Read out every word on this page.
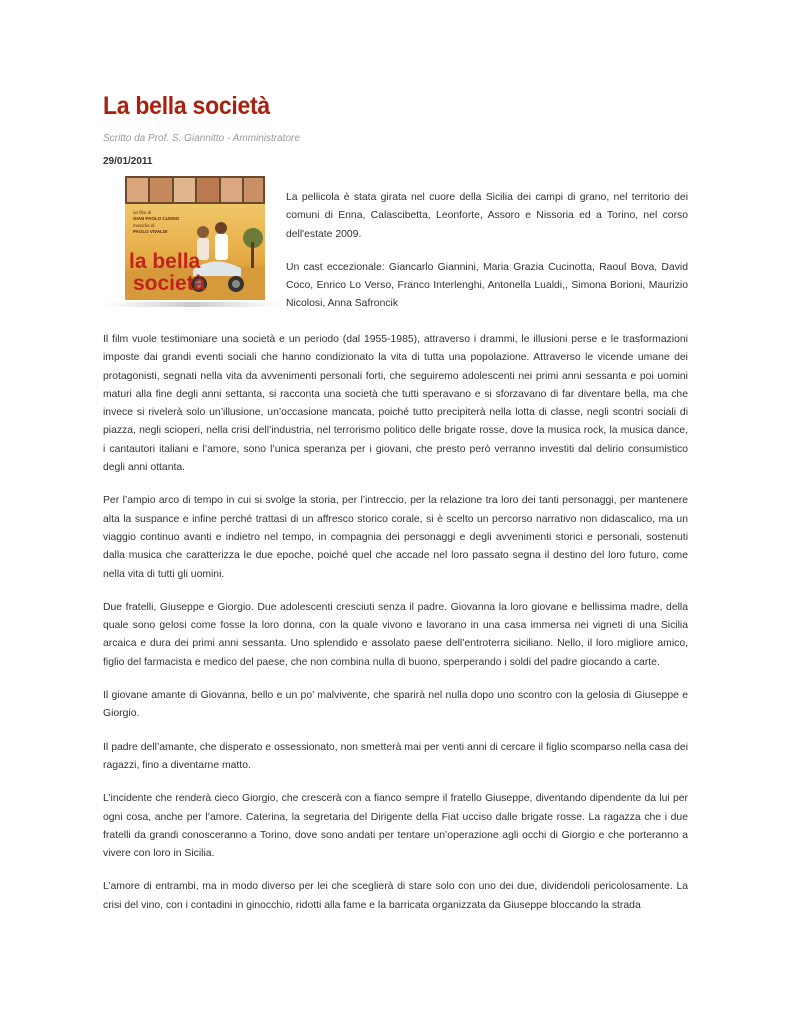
La bella società
Scritto da Prof. S. Giannitto - Amministratore
29/01/2011
un film di
GIAN PAOLO CUGNO
musiche di
PAOLO VIVALDI
la bella
società

La pellicola è stata girata nel cuore della Sicilia dei campi di grano, nel territorio dei comuni di Enna, Calascibetta, Leonforte, Assoro e Nissoria ed a Torino, nel corso dell'estate 2009.

Un cast eccezionale: Giancarlo Giannini, Maria Grazia Cucinotta, Raoul Bova, David Coco, Enrico Lo Verso, Franco Interlenghi, Antonella Lualdi,, Simona Borioni, Maurizio Nicolosi, Anna Safroncik

Il film vuole testimoniare una società e un periodo (dal 1955-1985), attraverso i drammi, le illusioni perse e le trasformazioni imposte dai grandi eventi sociali che hanno condizionato la vita di tutta una popolazione. Attraverso le vicende umane dei protagonisti, segnati nella vita da avvenimenti personali forti, che seguiremo adolescenti nei primi anni sessanta e poi uomini maturi alla fine degli anni settanta, si racconta una società che tutti speravano e si sforzavano di far diventare bella, ma che invece si rivelerà solo un’illusione, un’occasione mancata, poiché tutto precipiterà nella lotta di classe, negli scontri sociali di piazza, negli scioperi, nella crisi dell’industria, nel terrorismo politico delle brigate rosse, dove la musica rock, la musica dance, i cantautori italiani e l’amore, sono l’unica speranza per i giovani, che presto però verranno investiti dal delirio consumistico degli anni ottanta.

Per l’ampio arco di tempo in cui si svolge la storia, per l’intreccio, per la relazione tra loro dei tanti personaggi, per mantenere alta la suspance e infine perché trattasi di un affresco storico corale, si è scelto un percorso narrativo non didascalico, ma un viaggio continuo avanti e indietro nel tempo, in compagnia dei personaggi e degli avvenimenti storici e personali, sostenuti dalla musica che caratterizza le due epoche, poiché quel che accade nel loro passato segna il destino del loro futuro, come nella vita di tutti gli uomini.

Due fratelli, Giuseppe e Giorgio. Due adolescenti cresciuti senza il padre. Giovanna la loro giovane e bellissima madre, della quale sono gelosi come fosse la loro donna, con la quale vivono e lavorano in una casa immersa nei vigneti di una Sicilia arcaica e dura dei primi anni sessanta. Uno splendido e assolato paese dell’entroterra siciliano. Nello, il loro migliore amico, figlio del farmacista e medico del paese, che non combina nulla di buono, sperperando i soldi del padre giocando a carte.

Il giovane amante di Giovanna, bello e un po’ malvivente, che sparirà nel nulla dopo uno scontro con la gelosia di Giuseppe e Giorgio.

Il padre dell’amante, che disperato e ossessionato, non smetterà mai per venti anni di cercare il figlio scomparso nella casa dei ragazzi, fino a diventarne matto.

L’incidente che renderà cieco Giorgio, che crescerà con a fianco sempre il fratello Giuseppe, diventando dipendente da lui per ogni cosa, anche per l’amore. Caterina, la segretaria del Dirigente della Fiat ucciso dalle brigate rosse. La ragazza che i due fratelli da grandi conosceranno a Torino, dove sono andati per tentare un’operazione agli occhi di Giorgio e che porteranno a vivere con loro in Sicilia.

L’amore di entrambi, ma in modo diverso per lei che sceglierà di stare solo con uno dei due, dividendoli pericolosamente. La crisi del vino, con i contadini in ginocchio, ridotti alla fame e la barricata organizzata da Giuseppe bloccando la strada
